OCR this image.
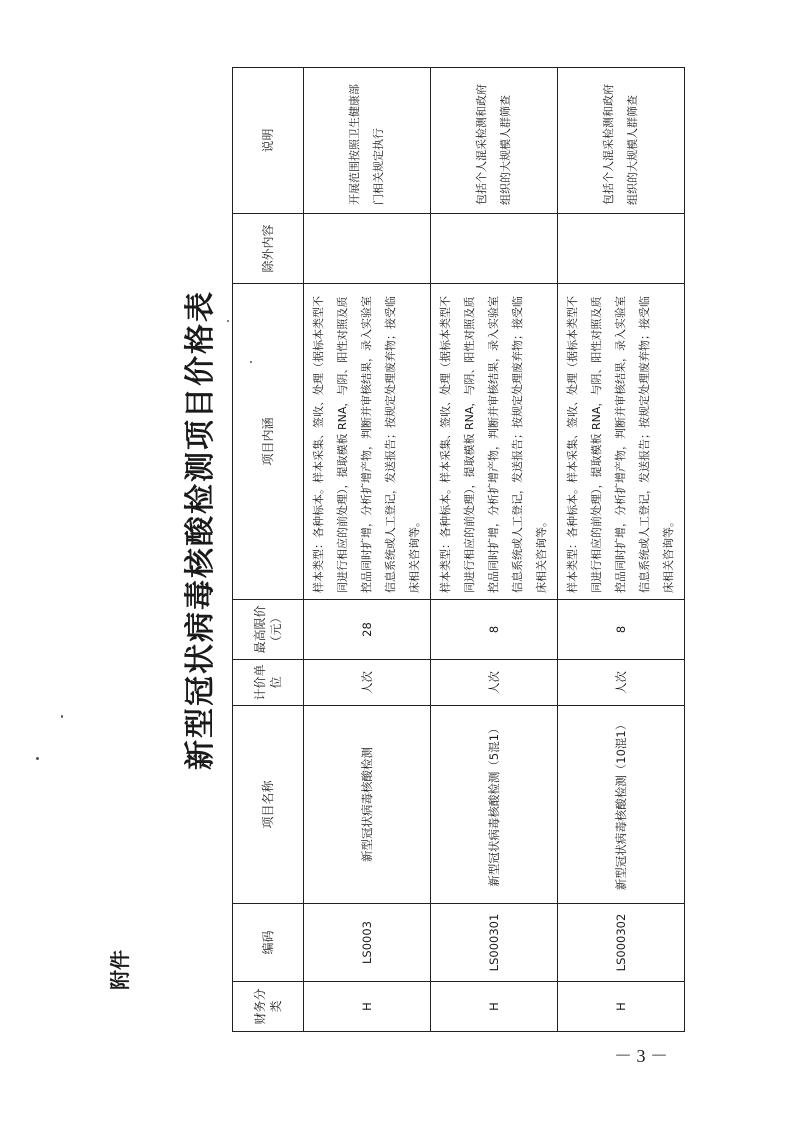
附件
新型冠状病毒核酸检测项目价格表
财务分类	编码	项目名称	计价单位	最高限价（元）	项目内涵	除外内容	说明
H	LS0003	新型冠状病毒核酸检测	人次	28	样本类型：各种标本。样本采集、签收、处理（据标本类型不同进行相应的前处理），提取模板 RNA，与阴、阳性对照及质控品同时扩增，分析扩增产物，判断并审核结果，录入实验室信息系统或人工登记，发送报告；按规定处理废弃物；接受临床相关咨询等。		开展范围按照卫生健康部门相关规定执行
H	LS000301	新型冠状病毒核酸检测（5混1）	人次	8	样本类型：各种标本。样本采集、签收、处理（据标本类型不同进行相应的前处理），提取模板 RNA，与阴、阳性对照及质控品同时扩增，分析扩增产物，判断并审核结果，录入实验室信息系统或人工登记，发送报告；按规定处理废弃物；接受临床相关咨询等。		包括个人混采检测和政府组织的大规模人群筛查
H	LS000302	新型冠状病毒核酸检测（10混1）	人次	8	样本类型：各种标本。样本采集、签收、处理（据标本类型不同进行相应的前处理），提取模板 RNA，与阴、阳性对照及质控品同时扩增，分析扩增产物，判断并审核结果，录入实验室信息系统或人工登记，发送报告；按规定处理废弃物；接受临床相关咨询等。		包括个人混采检测和政府组织的大规模人群筛查
－ 3 －
